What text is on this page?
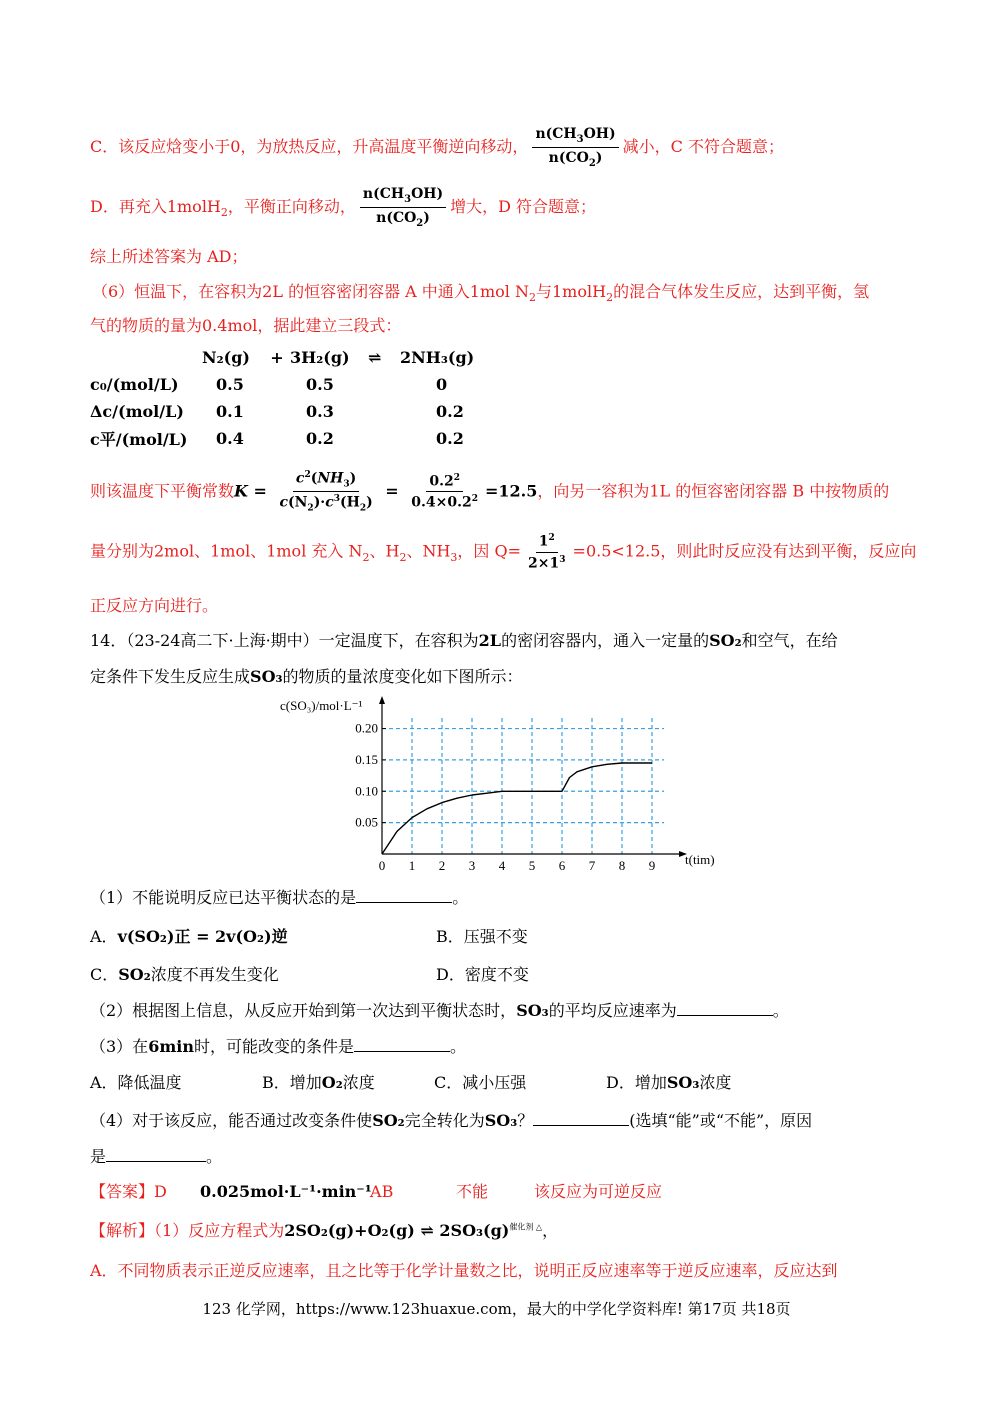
C．该反应焓变小于0，为放热反应，升高温度平衡逆向移动， $\frac{n(CH_3OH)}{n(CO_2)}$ 减小，C 不符合题意；
D．再充入1molH$_2$，平衡正向移动， $\frac{n(CH_3OH)}{n(CO_2)}$ 增大，D 符合题意；
综上所述答案为 AD；
（6）恒温下，在容积为2L 的恒容密闭容器 A 中通入1mol $N_2$与1molH$_2$的混合气体发生反应，达到平衡，氢
气的物质的量为0.4mol，据此建立三段式：
	N₂(g)	+	3H₂(g)	⇌	2NH₃(g)
c₀/(mol/L)	0.5		0.5		0
Δc/(mol/L)	0.1		0.3		0.2
c平/(mol/L)	0.4		0.2		0.2
则该温度下平衡常数$K = \frac{c^2(NH_3)}{c(N_2)\cdot c^3(H_2)} = \frac{0.2^2}{0.4\times 0.2^2} =12.5$，向另一容积为1L 的恒容密闭容器 B 中按物质的
量分别为2mol、1mol、1mol 充入 $N_2$、$H_2$、$NH_3$，因 $Q= \frac{1^2}{2\times 1^3} =0.5<12.5$，则此时反应没有达到平衡，反应向
正反应方向进行。
14．（23-24高二下·上海·期中）一定温度下，在容积为2L的密闭容器内，通入一定量的SO₂和空气，在给
定条件下发生反应生成SO₃的物质的量浓度变化如下图所示：
0 1 2 3 4 5 6 7 8 9
0.05
0.10
0.15
0.20
c(SO₃)/mol·L⁻¹
t(tim)
（1）不能说明反应已达平衡状态的是	。
A．v(SO₂)正 = 2v(O₂)逆	B．压强不变
C．SO₂浓度不再发生变化	D．密度不变
（2）根据图上信息，从反应开始到第一次达到平衡状态时，SO₃的平均反应速率为	。
（3）在6min时，可能改变的条件是	。
A．降低温度	B．增加O₂浓度	C．减小压强	D．增加SO₃浓度
（4）对于该反应，能否通过改变条件使SO₂完全转化为SO₃？	(选填“能”或“不能”，原因
是	。
【答案】D 0.025mol·L⁻¹·min⁻¹AB	不能	该反应为可逆反应
【解析】（1）反应方程式为2SO₂(g)+O₂(g) ⇌ $2SO_3(g)^{催化剂 \triangle}$，
A．不同物质表示正逆反应速率，且之比等于化学计量数之比，说明正反应速率等于逆反应速率，反应达到
123 化学网，https://www.123huaxue.com，最大的中学化学资料库! 第17页 共18页
